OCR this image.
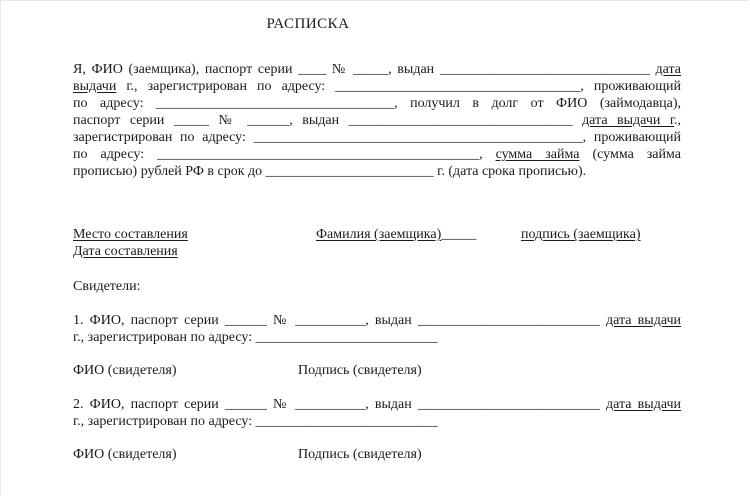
РАСПИСКА
Я, ФИО (заемщика), паспорт серии ____ № _____, выдан ______________________________ дата
выдачи г., зарегистрирован по адресу: ___________________________________, проживающий
по адресу: __________________________________, получил в долг от ФИО (займодавца),
паспорт серии _____ № ______, выдан ________________________________ дата выдачи г.,
зарегистрирован по адресу: _______________________________________________, проживающий
по адресу: ______________________________________________, сумма займа (сумма займа
прописью) рублей РФ в срок до ________________________ г. (дата срока прописью).
Место составления	Фамилия (заемщика)_____	подпись (заемщика)
Дата составления
Свидетели:
1. ФИО, паспорт серии ______ № __________, выдан __________________________ дата выдачи
г., зарегистрирован по адресу: __________________________
ФИО (свидетеля)	Подпись (свидетеля)
2. ФИО, паспорт серии ______ № __________, выдан __________________________ дата выдачи
г., зарегистрирован по адресу: __________________________
ФИО (свидетеля)	Подпись (свидетеля)
